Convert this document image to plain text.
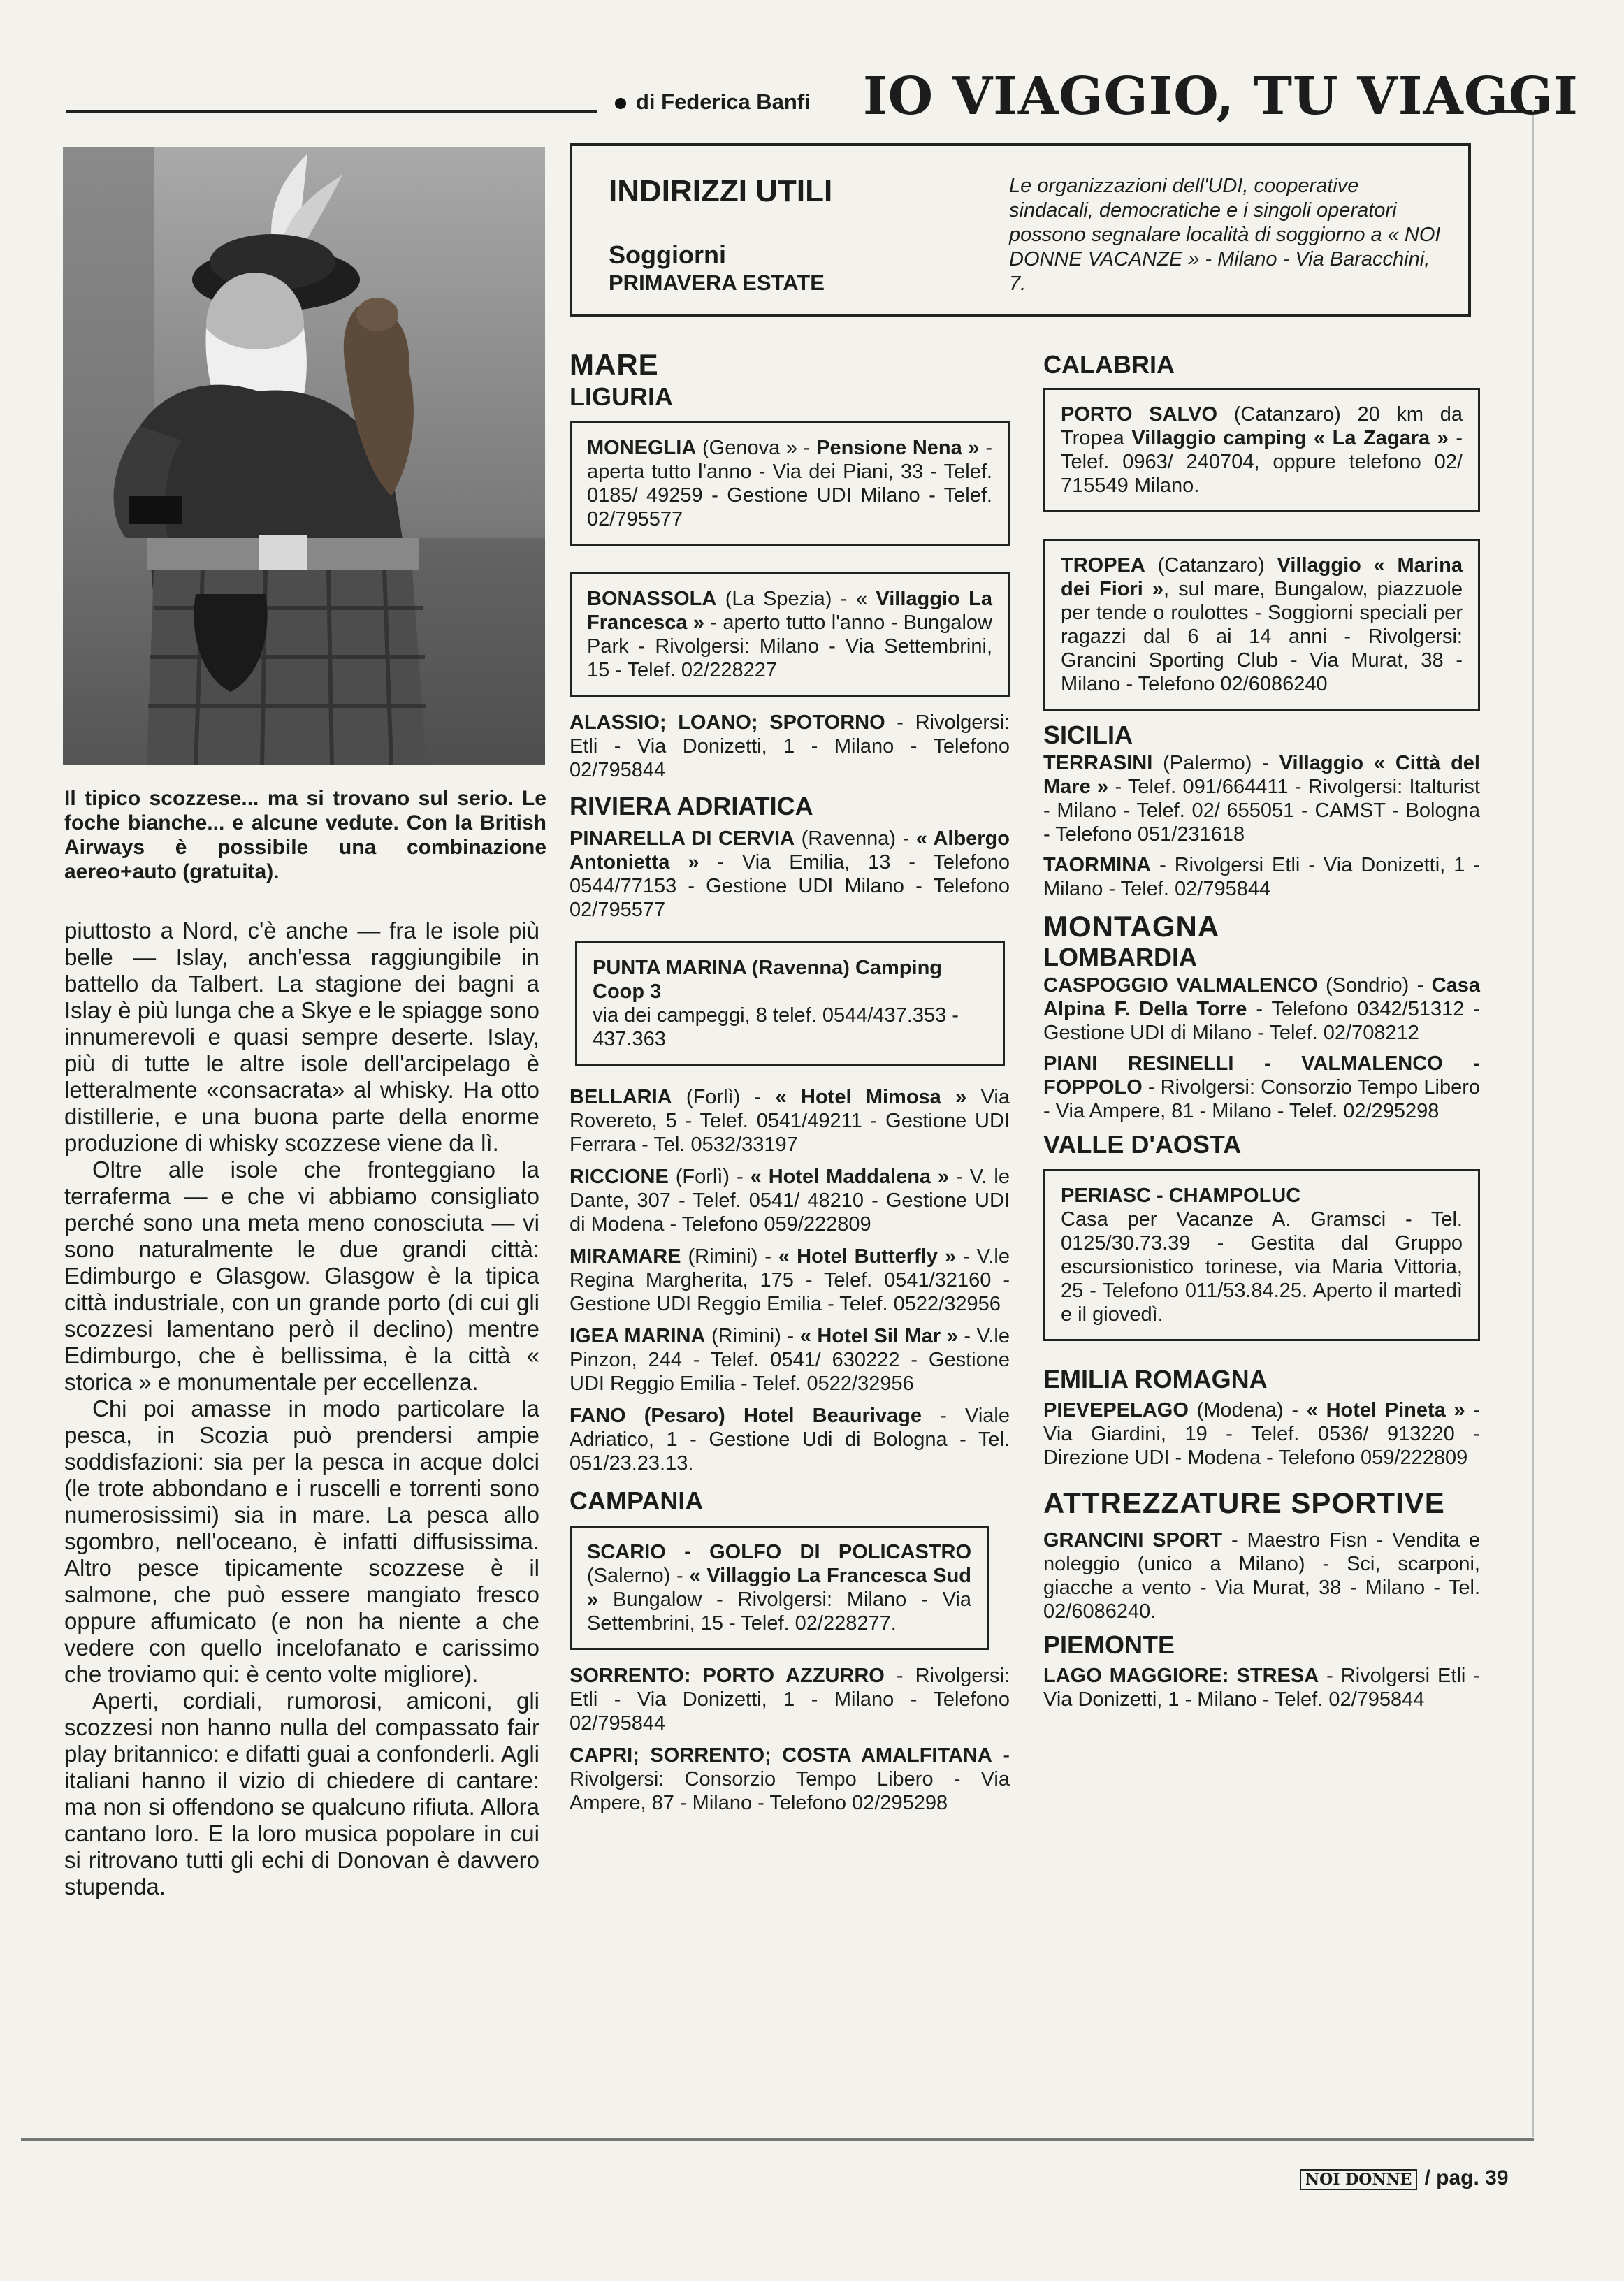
di Federica Banfi IO VIAGGIO, TU VIAGGI
INDIRIZZI UTILI
Soggiorni
PRIMAVERA ESTATE
Le organizzazioni dell'UDI, cooperative sindacali, democratiche e i singoli operatori possono segnalare località di soggiorno a « NOI DONNE VACANZE » - Milano - Via Baracchini, 7.
Il tipico scozzese... ma si trovano sul serio. Le foche bianche... e alcune vedute. Con la British Airways è possibile una combinazione aereo+auto (gratuita).

piuttosto a Nord, c'è anche — fra le isole più belle — Islay, anch'essa raggiungibile in battello da Talbert. La stagione dei bagni a Islay è più lunga che a Skye e le spiagge sono innumerevoli e quasi sempre deserte. Islay, più di tutte le altre isole dell'arcipelago è letteralmente «consacrata» al whisky. Ha otto distillerie, e una buona parte della enorme produzione di whisky scozzese viene da lì.

Oltre alle isole che fronteggiano la terraferma — e che vi abbiamo consigliato perché sono una meta meno conosciuta — vi sono naturalmente le due grandi città: Edimburgo e Glasgow. Glasgow è la tipica città industriale, con un grande porto (di cui gli scozzesi lamentano però il declino) mentre Edimburgo, che è bellissima, è la città « storica » e monumentale per eccellenza.

Chi poi amasse in modo particolare la pesca, in Scozia può prendersi ampie soddisfazioni: sia per la pesca in acque dolci (le trote abbondano e i ruscelli e torrenti sono numerosissimi) sia in mare. La pesca allo sgombro, nell'oceano, è infatti diffusissima. Altro pesce tipicamente scozzese è il salmone, che può essere mangiato fresco oppure affumicato (e non ha niente a che vedere con quello incelofanato e carissimo che troviamo qui: è cento volte migliore).

Aperti, cordiali, rumorosi, amiconi, gli scozzesi non hanno nulla del compassato fair play britannico: e difatti guai a confonderli. Agli italiani hanno il vizio di chiedere di cantare: ma non si offendono se qualcuno rifiuta. Allora cantano loro. E la loro musica popolare in cui si ritrovano tutti gli echi di Donovan è davvero stupenda.

MARE
LIGURIA
MONEGLIA (Genova » - Pensione Nena » - aperta tutto l'anno - Via dei Piani, 33 - Telef. 0185/ 49259 - Gestione UDI Milano - Telef. 02/795577
BONASSOLA (La Spezia) - « Villaggio La Francesca » - aperto tutto l'anno - Bungalow Park - Rivolgersi: Milano - Via Settembrini, 15 - Telef. 02/228227
ALASSIO; LOANO; SPOTORNO - Rivolgersi: Etli - Via Donizetti, 1 - Milano - Telefono 02/795844
RIVIERA ADRIATICA
PINARELLA DI CERVIA (Ravenna) - « Albergo Antonietta » - Via Emilia, 13 - Telefono 0544/77153 - Gestione UDI Milano - Telefono 02/795577
PUNTA MARINA (Ravenna) Camping Coop 3
via dei campeggi, 8 telef. 0544/437.353 - 437.363
BELLARIA (Forlì) - « Hotel Mimosa » Via Rovereto, 5 - Telef. 0541/49211 - Gestione UDI Ferrara - Tel. 0532/33197
RICCIONE (Forlì) - « Hotel Maddalena » - V. le Dante, 307 - Telef. 0541/ 48210 - Gestione UDI di Modena - Telefono 059/222809
MIRAMARE (Rimini) - « Hotel Butterfly » - V.le Regina Margherita, 175 - Telef. 0541/32160 - Gestione UDI Reggio Emilia - Telef. 0522/32956
IGEA MARINA (Rimini) - « Hotel Sil Mar » - V.le Pinzon, 244 - Telef. 0541/ 630222 - Gestione UDI Reggio Emilia - Telef. 0522/32956
FANO (Pesaro) Hotel Beaurivage - Viale Adriatico, 1 - Gestione Udi di Bologna - Tel. 051/23.23.13.
CAMPANIA
SCARIO - GOLFO DI POLICASTRO (Salerno) - « Villaggio La Francesca Sud » Bungalow - Rivolgersi: Milano - Via Settembrini, 15 - Telef. 02/228277.
SORRENTO: PORTO AZZURRO - Rivolgersi: Etli - Via Donizetti, 1 - Milano - Telefono 02/795844
CAPRI; SORRENTO; COSTA AMALFITANA - Rivolgersi: Consorzio Tempo Libero - Via Ampere, 87 - Milano - Telefono 02/295298
CALABRIA
PORTO SALVO (Catanzaro) 20 km da Tropea Villaggio camping « La Zagara » - Telef. 0963/ 240704, oppure telefono 02/ 715549 Milano.
TROPEA (Catanzaro) Villaggio « Marina dei Fiori », sul mare, Bungalow, piazzuole per tende o roulottes - Soggiorni speciali per ragazzi dal 6 ai 14 anni - Rivolgersi: Grancini Sporting Club - Via Murat, 38 - Milano - Telefono 02/6086240
SICILIA
TERRASINI (Palermo) - Villaggio « Città del Mare » - Telef. 091/664411 - Rivolgersi: Italturist - Milano - Telef. 02/ 655051 - CAMST - Bologna - Telefono 051/231618
TAORMINA - Rivolgersi Etli - Via Donizetti, 1 - Milano - Telef. 02/795844
MONTAGNA
LOMBARDIA
CASPOGGIO VALMALENCO (Sondrio) - Casa Alpina F. Della Torre - Telefono 0342/51312 - Gestione UDI di Milano - Telef. 02/708212
PIANI RESINELLI - VALMALENCO - FOPPOLO - Rivolgersi: Consorzio Tempo Libero - Via Ampere, 81 - Milano - Telef. 02/295298
VALLE D'AOSTA
PERIASC - CHAMPOLUC
Casa per Vacanze A. Gramsci - Tel. 0125/30.73.39 - Gestita dal Gruppo escursionistico torinese, via Maria Vittoria, 25 - Telefono 011/53.84.25. Aperto il martedì e il giovedì.
EMILIA ROMAGNA
PIEVEPELAGO (Modena) - « Hotel Pineta » - Via Giardini, 19 - Telef. 0536/ 913220 - Direzione UDI - Modena - Telefono 059/222809
ATTREZZATURE SPORTIVE
GRANCINI SPORT - Maestro Fisn - Vendita e noleggio (unico a Milano) - Sci, scarponi, giacche a vento - Via Murat, 38 - Milano - Tel. 02/6086240.
PIEMONTE
LAGO MAGGIORE: STRESA - Rivolgersi Etli - Via Donizetti, 1 - Milano - Telef. 02/795844
NOI DONNE / pag. 39
